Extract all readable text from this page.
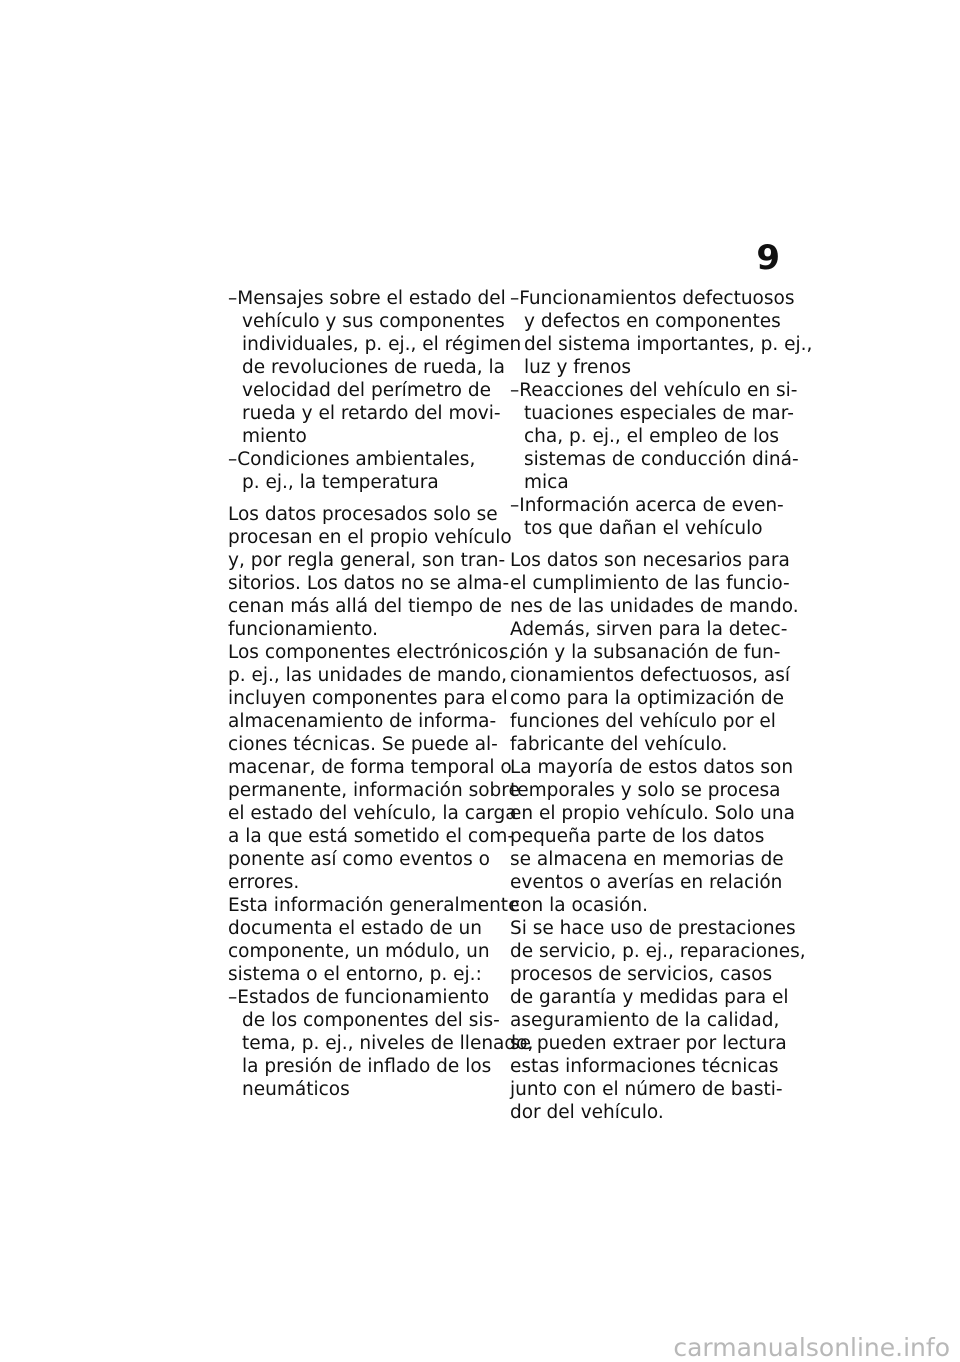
9
–Mensajes sobre el estado del
vehículo y sus componentes
individuales, p. ej., el régimen
de revoluciones de rueda, la
velocidad del perímetro de
rueda y el retardo del movi-
miento
–Condiciones ambientales,
p. ej., la temperatura
Los datos procesados solo se
procesan en el propio vehículo
y, por regla general, son tran-
sitorios. Los datos no se alma-
cenan más allá del tiempo de
funcionamiento.
Los componentes electrónicos,
p. ej., las unidades de mando,
incluyen componentes para el
almacenamiento de informa-
ciones técnicas. Se puede al-
macenar, de forma temporal o
permanente, información sobre
el estado del vehículo, la carga
a la que está sometido el com-
ponente así como eventos o
errores.
Esta información generalmente
documenta el estado de un
componente, un módulo, un
sistema o el entorno, p. ej.:
–Estados de funcionamiento
de los componentes del sis-
tema, p. ej., niveles de llenado,
la presión de inflado de los
neumáticos
–Funcionamientos defectuosos
y defectos en componentes
del sistema importantes, p. ej.,
luz y frenos
–Reacciones del vehículo en si-
tuaciones especiales de mar-
cha, p. ej., el empleo de los
sistemas de conducción diná-
mica
–Información acerca de even-
tos que dañan el vehículo
Los datos son necesarios para
el cumplimiento de las funcio-
nes de las unidades de mando.
Además, sirven para la detec-
ción y la subsanación de fun-
cionamientos defectuosos, así
como para la optimización de
funciones del vehículo por el
fabricante del vehículo.
La mayoría de estos datos son
temporales y solo se procesa
en el propio vehículo. Solo una
pequeña parte de los datos
se almacena en memorias de
eventos o averías en relación
con la ocasión.
Si se hace uso de prestaciones
de servicio, p. ej., reparaciones,
procesos de servicios, casos
de garantía y medidas para el
aseguramiento de la calidad,
se pueden extraer por lectura
estas informaciones técnicas
junto con el número de basti-
dor del vehículo.
carmanualsonline.info
